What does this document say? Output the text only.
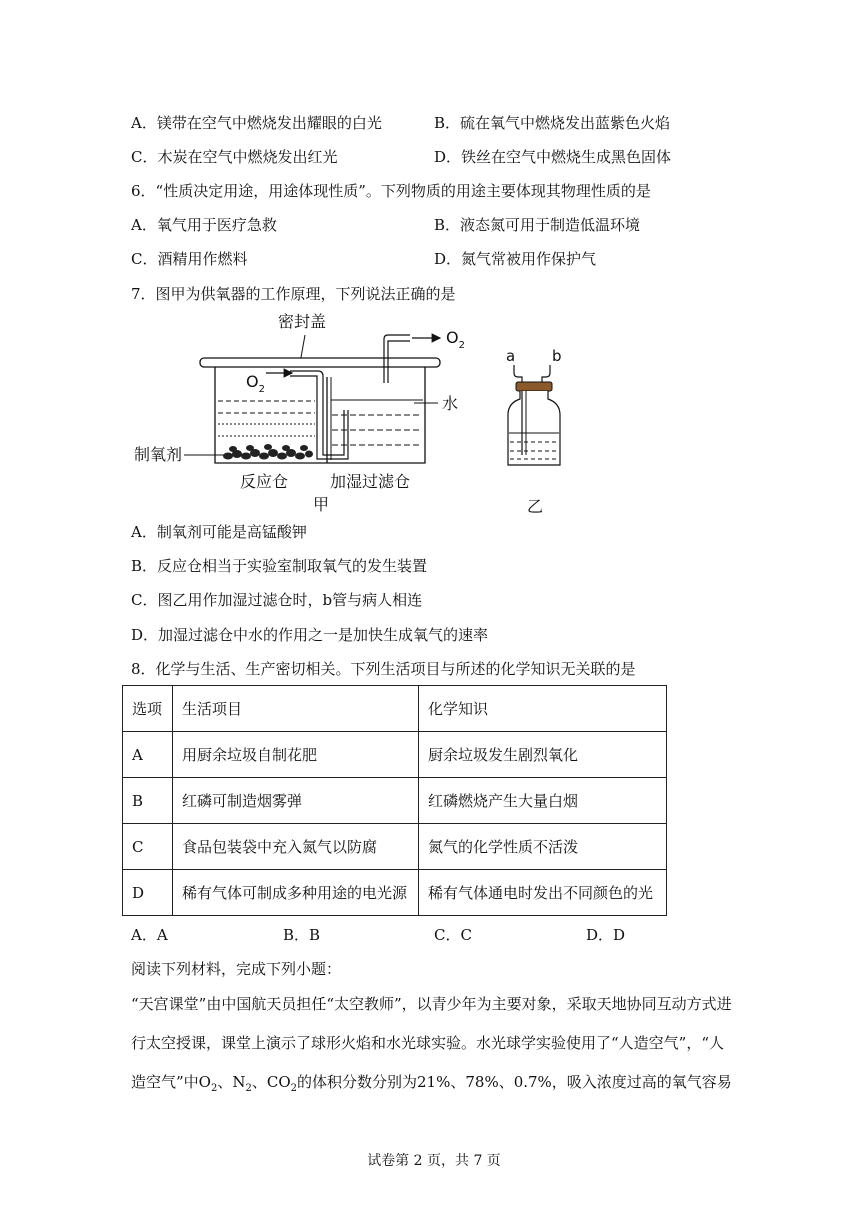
A．镁带在空气中燃烧发出耀眼的白光	B．硫在氧气中燃烧发出蓝紫色火焰
C．木炭在空气中燃烧发出红光	D．铁丝在空气中燃烧生成黑色固体
6．“性质决定用途，用途体现性质”。下列物质的用途主要体现其物理性质的是
A．氧气用于医疗急救	B．液态氮可用于制造低温环境
C．酒精用作燃料	D．氮气常被用作保护气
7．图甲为供氧器的工作原理，下列说法正确的是
密封盖
$O_2$
$O_2$
水
制氧剂
反应仓	加湿过滤仓
甲
a b
乙
A．制氧剂可能是高锰酸钾
B．反应仓相当于实验室制取氧气的发生装置
C．图乙用作加湿过滤仓时，b管与病人相连
D．加湿过滤仓中水的作用之一是加快生成氧气的速率
8．化学与生活、生产密切相关。下列生活项目与所述的化学知识无关联的是
选项	生活项目	化学知识
A	用厨余垃圾自制花肥	厨余垃圾发生剧烈氧化
B	红磷可制造烟雾弹	红磷燃烧产生大量白烟
C	食品包装袋中充入氮气以防腐	氮气的化学性质不活泼
D	稀有气体可制成多种用途的电光源	稀有气体通电时发出不同颜色的光
A．A	B．B	C．C	D．D
阅读下列材料，完成下列小题：
“天宫课堂”由中国航天员担任“太空教师”，以青少年为主要对象，采取天地协同互动方式进
行太空授课，课堂上演示了球形火焰和水光球实验。水光球学实验使用了“人造空气”，“人
造空气”中$O_2$、$N_2$、$CO_2$的体积分数分别为21%、78%、0.7%，吸入浓度过高的氧气容易
试卷第 2 页，共 7 页
